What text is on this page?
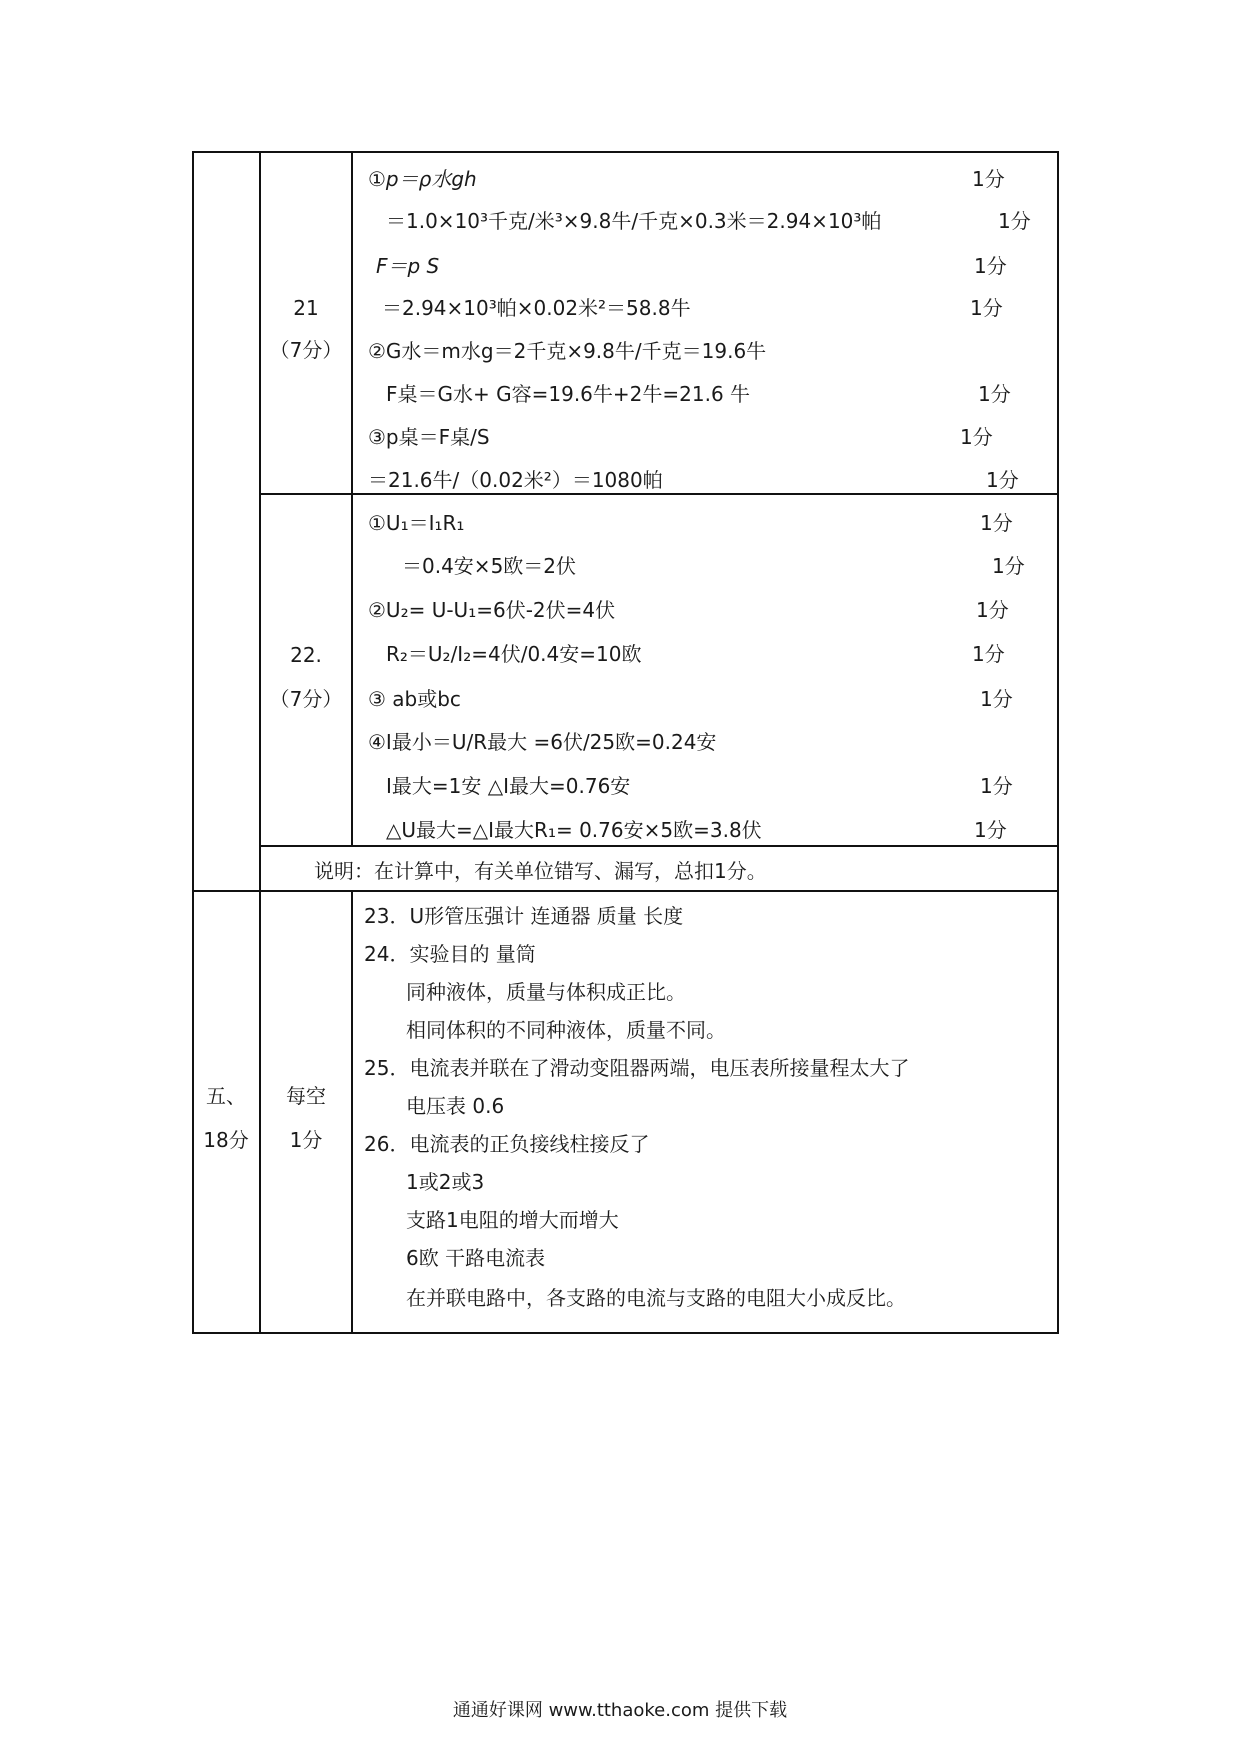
21
（7分）
①p＝ρ水gh
＝1.0×10³千克/米³×9.8牛/千克×0.3米＝2.94×10³帕
F＝p S
＝2.94×10³帕×0.02米²＝58.8牛
②G水＝m水g＝2千克×9.8牛/千克＝19.6牛
F桌＝G水+ G容=19.6牛+2牛=21.6 牛
③p桌＝F桌/S
＝21.6牛/（0.02米²）＝1080帕
1分
1分
1分
1分
1分
1分
1分
22.
（7分）
①U₁＝I₁R₁
＝0.4安×5欧＝2伏
②U₂= U-U₁=6伏-2伏=4伏
R₂＝U₂/I₂=4伏/0.4安=10欧
③ ab或bc
④I最小＝U/R最大 =6伏/25欧=0.24安
I最大=1安 △I最大=0.76安
△U最大=△I最大R₁= 0.76安×5欧=3.8伏
1分
1分
1分
1分
1分
1分
1分
说明：在计算中，有关单位错写、漏写，总扣1分。
五、
18分
每空
1分
23．U形管压强计 连通器 质量 长度
24．实验目的 量筒
同种液体，质量与体积成正比。
相同体积的不同种液体，质量不同。
25．电流表并联在了滑动变阻器两端，电压表所接量程太大了
电压表 0.6
26．电流表的正负接线柱接反了
1或2或3
支路1电阻的增大而增大
6欧 干路电流表
在并联电路中，各支路的电流与支路的电阻大小成反比。
通通好课网 www.tthaoke.com 提供下载
